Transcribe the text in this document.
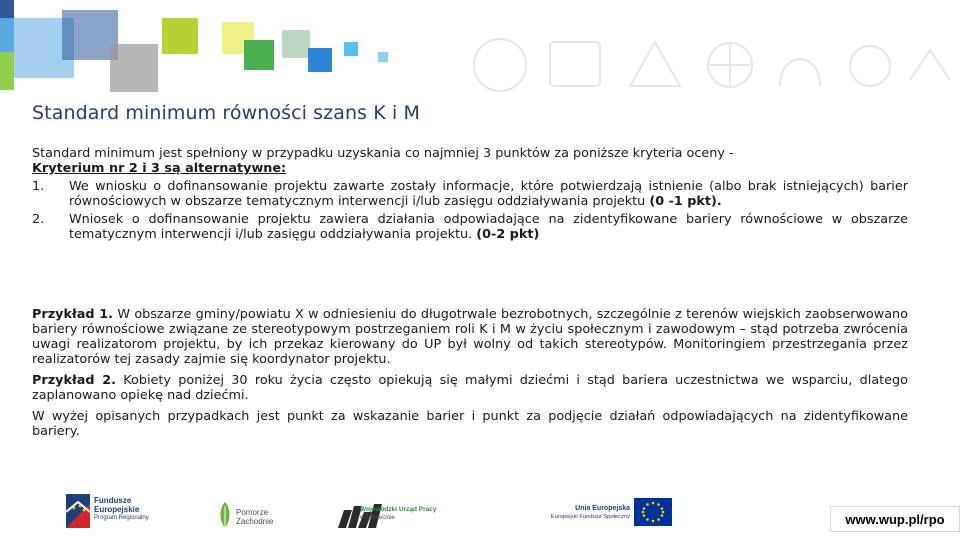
Standard minimum równości szans K i M

Standard minimum jest spełniony w przypadku uzyskania co najmniej 3 punktów za poniższe kryteria oceny -

Kryterium nr 2 i 3 są alternatywne:

1. We wniosku o dofinansowanie projektu zawarte zostały informacje, które potwierdzają istnienie (albo brak istniejących) barier równościowych w obszarze tematycznym interwencji i/lub zasięgu oddziaływania projektu (0 -1 pkt).
2. Wniosek o dofinansowanie projektu zawiera działania odpowiadające na zidentyfikowane bariery równościowe w obszarze tematycznym interwencji i/lub zasięgu oddziaływania projektu. (0-2 pkt)

Przykład 1. W obszarze gminy/powiatu X w odniesieniu do długotrwale bezrobotnych, szczególnie z terenów wiejskich zaobserwowano bariery równościowe związane ze stereotypowym postrzeganiem roli K i M w życiu społecznym i zawodowym – stąd potrzeba zwrócenia uwagi realizatorom projektu, by ich przekaz kierowany do UP był wolny od takich stereotypów. Monitoringiem przestrzegania przez realizatorów tej zasady zajmie się koordynator projektu.

Przykład 2. Kobiety poniżej 30 roku życia często opiekują się małymi dziećmi i stąd bariera uczestnictwa we wsparciu, dlatego zaplanowano opiekę nad dziećmi.

W wyżej opisanych przypadkach jest punkt za wskazanie barier i punkt za podjęcie działań odpowiadających na zidentyfikowane bariery.

Fundusze
Europejskie
Program Regionalny
Pomorze
Zachodnie
Wojewódzki Urząd Pracy
w Szczecinie
Unia Europejska
Europejski Fundusz Społeczny	www.wup.pl/rpo
